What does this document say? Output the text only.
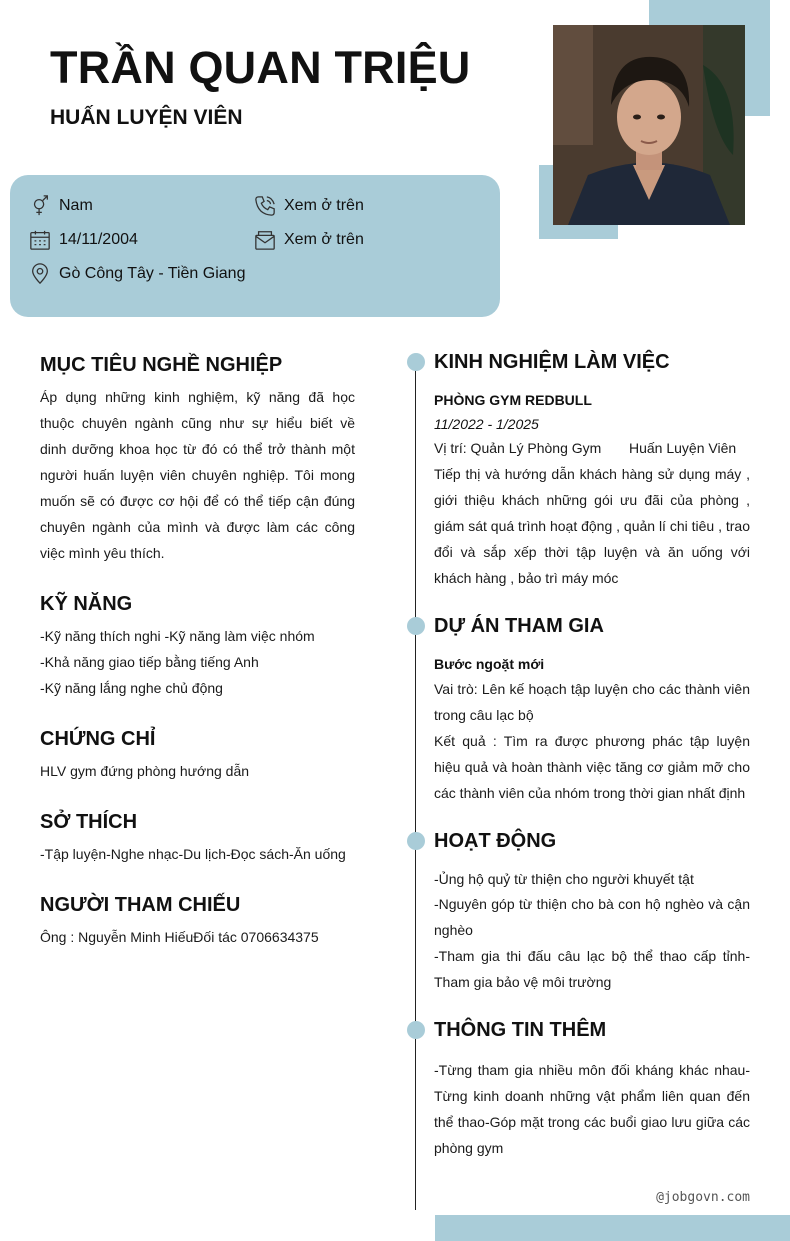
TRẦN QUAN TRIỆU
HUẤN LUYỆN VIÊN
Nam
14/11/2004
Gò Công Tây - Tiền Giang
Xem ở trên
Xem ở trên
MỤC TIÊU NGHỀ NGHIỆP
Áp dụng những kinh nghiệm, kỹ năng đã học thuộc chuyên ngành cũng như sự hiểu biết về dinh dưỡng khoa học từ đó có thể trở thành một người huấn luyện viên chuyên nghiệp. Tôi mong muốn sẽ có được cơ hội để có thể tiếp cận đúng chuyên ngành của mình và được làm các công việc mình yêu thích.
KỸ NĂNG
-Kỹ năng thích nghi -Kỹ năng làm việc nhóm
-Khả năng giao tiếp bằng tiếng Anh
-Kỹ năng lắng nghe chủ động
CHỨNG CHỈ
HLV gym đứng phòng hướng dẫn
SỞ THÍCH
-Tập luyện-Nghe nhạc-Du lịch-Đọc sách-Ăn uống
NGƯỜI THAM CHIẾU
Ông : Nguyễn Minh HiếuĐối tác 0706634375
KINH NGHIỆM LÀM VIỆC
PHÒNG GYM REDBULL
11/2022 - 1/2025
Vị trí: Quản Lý Phòng Gym Huấn Luyện Viên
Tiếp thị và hướng dẫn khách hàng sử dụng máy , giới thiệu khách những gói ưu đãi của phòng , giám sát quá trình hoạt động , quản lí chi tiêu , trao đổi và sắp xếp thời tập luyện và ăn uống với khách hàng , bảo trì máy móc
DỰ ÁN THAM GIA
Bước ngoặt mới
Vai trò: Lên kế hoạch tập luyện cho các thành viên trong câu lạc bộ
Kết quả : Tìm ra được phương phác tập luyện hiệu quả và hoàn thành việc tăng cơ giảm mỡ cho các thành viên của nhóm trong thời gian nhất định
HOẠT ĐỘNG
-Ủng hộ quỷ từ thiện cho người khuyết tật
-Nguyên góp từ thiện cho bà con hộ nghèo và cận nghèo
-Tham gia thi đấu câu lạc bộ thể thao cấp tỉnh-Tham gia bảo vệ môi trường
THÔNG TIN THÊM
-Từng tham gia nhiều môn đối kháng khác nhau-Từng kinh doanh những vật phẩm liên quan đến thể thao-Góp mặt trong các buổi giao lưu giữa các phòng gym
@jobgovn.com
